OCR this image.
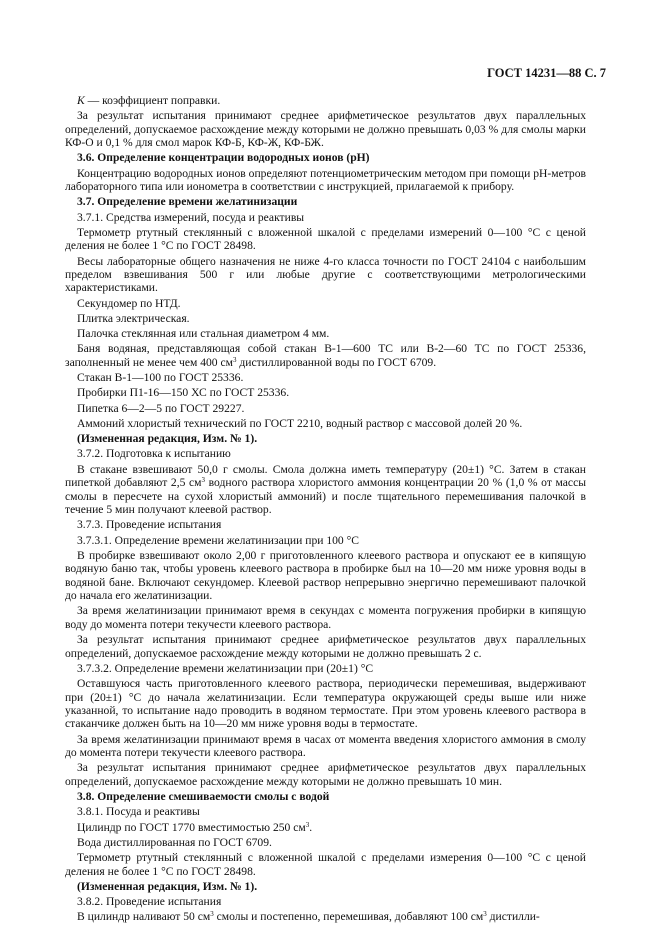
ГОСТ 14231—88 С. 7

K — коэффициент поправки.

За результат испытания принимают среднее арифметическое результатов двух параллельных определений, допускаемое расхождение между которыми не должно превышать 0,03 % для смолы марки КФ-О и 0,1 % для смол марок КФ-Б, КФ-Ж, КФ-БЖ.

3.6. Определение концентрации водородных ионов (рН)

Концентрацию водородных ионов определяют потенциометрическим методом при помощи рН-метров лабораторного типа или ионометра в соответствии с инструкцией, прилагаемой к прибору.

3.7. Определение времени желатинизации

3.7.1. Средства измерений, посуда и реактивы

Термометр ртутный стеклянный с вложенной шкалой с пределами измерений 0—100 °С с ценой деления не более 1 °С по ГОСТ 28498.

Весы лабораторные общего назначения не ниже 4-го класса точности по ГОСТ 24104 с наибольшим пределом взвешивания 500 г или любые другие с соответствующими метрологическими характеристиками.

Секундомер по НТД.

Плитка электрическая.

Палочка стеклянная или стальная диаметром 4 мм.

Баня водяная, представляющая собой стакан В-1—600 ТС или В-2—60 ТС по ГОСТ 25336, заполненный не менее чем 400 $см^3$ дистиллированной воды по ГОСТ 6709.

Стакан В-1—100 по ГОСТ 25336.

Пробирки П1-16—150 ХС по ГОСТ 25336.

Пипетка 6—2—5 по ГОСТ 29227.

Аммоний хлористый технический по ГОСТ 2210, водный раствор с массовой долей 20 %.

(Измененная редакция, Изм. № 1).

3.7.2. Подготовка к испытанию

В стакане взвешивают 50,0 г смолы. Смола должна иметь температуру (20±1) °С. Затем в стакан пипеткой добавляют 2,5 $см^3$ водного раствора хлористого аммония концентрации 20 % (1,0 % от массы смолы в пересчете на сухой хлористый аммоний) и после тщательного перемешивания палочкой в течение 5 мин получают клеевой раствор.

3.7.3. Проведение испытания

3.7.3.1. Определение времени желатинизации при 100 °С

В пробирке взвешивают около 2,00 г приготовленного клеевого раствора и опускают ее в кипящую водяную баню так, чтобы уровень клеевого раствора в пробирке был на 10—20 мм ниже уровня воды в водяной бане. Включают секундомер. Клеевой раствор непрерывно энергично перемешивают палочкой до начала его желатинизации.

За время желатинизации принимают время в секундах с момента погружения пробирки в кипящую воду до момента потери текучести клеевого раствора.

За результат испытания принимают среднее арифметическое результатов двух параллельных определений, допускаемое расхождение между которыми не должно превышать 2 с.

3.7.3.2. Определение времени желатинизации при (20±1) °С

Оставшуюся часть приготовленного клеевого раствора, периодически перемешивая, выдерживают при (20±1) °С до начала желатинизации. Если температура окружающей среды выше или ниже указанной, то испытание надо проводить в водяном термостате. При этом уровень клеевого раствора в стаканчике должен быть на 10—20 мм ниже уровня воды в термостате.

За время желатинизации принимают время в часах от момента введения хлористого аммония в смолу до момента потери текучести клеевого раствора.

За результат испытания принимают среднее арифметическое результатов двух параллельных определений, допускаемое расхождение между которыми не должно превышать 10 мин.

3.8. Определение смешиваемости смолы с водой

3.8.1. Посуда и реактивы

Цилиндр по ГОСТ 1770 вместимостью 250 $см^3$.

Вода дистиллированная по ГОСТ 6709.

Термометр ртутный стеклянный с вложенной шкалой с пределами измерения 0—100 °С с ценой деления не более 1 °С по ГОСТ 28498.

(Измененная редакция, Изм. № 1).

3.8.2. Проведение испытания

В цилиндр наливают 50 $см^3$ смолы и постепенно, перемешивая, добавляют 100 $см^3$ дистилли-
